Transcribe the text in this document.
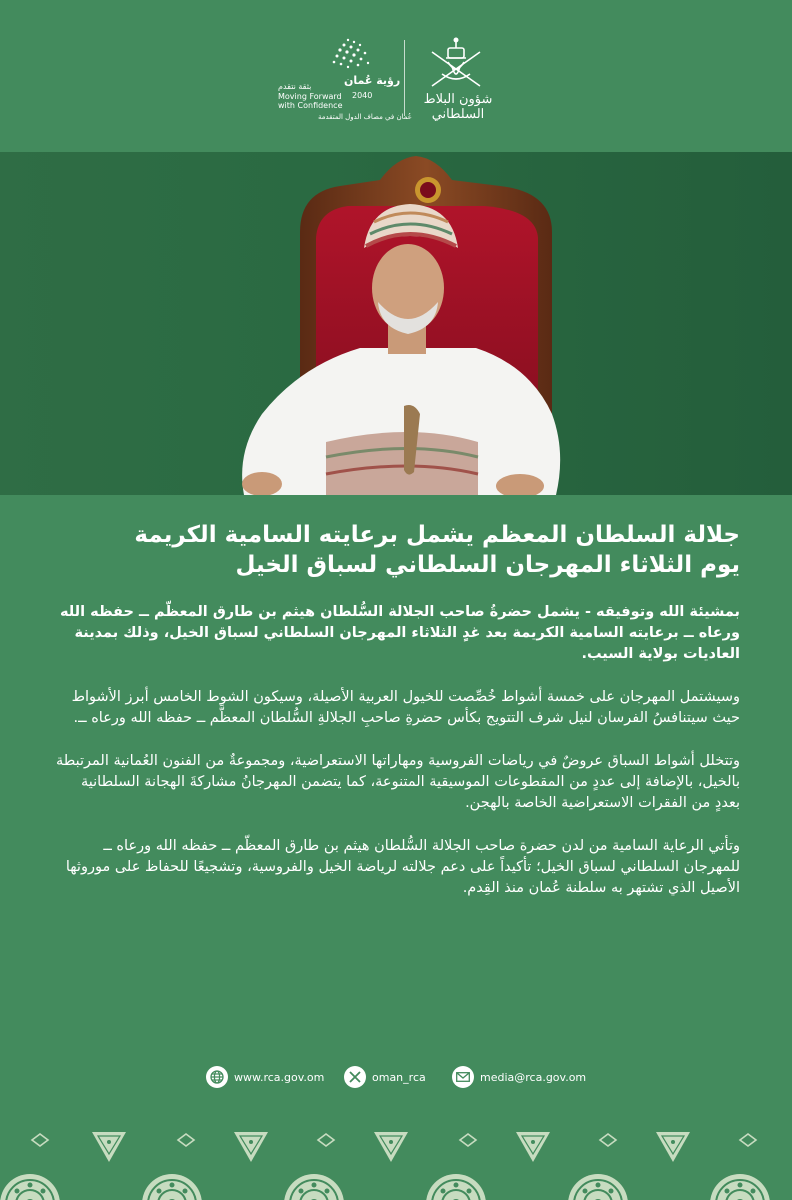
شؤون البلاط السلطاني
رؤية عُمان
2040
بثقة نتقدم
Moving Forward
with Confidence
عُمان في مصاف الدول المتقدمة
جلالة السلطان المعظم يشمل برعايته السامية الكريمة
يوم الثلاثاء المهرجان السلطاني لسباق الخيل

بمشيئة الله وتوفيقه - يشمل حضرةُ صاحب الجلالة السُّلطان هيثم بن طارق المعظّم ــ حفظه الله ورعاه ــ برعايته السامية الكريمة بعد غدٍ الثلاثاء المهرجان السلطاني لسباق الخيل، وذلك بمدينة العاديات بولاية السيب.

وسيشتمل المهرجان على خمسة أشواط خُصِّصت للخيول العربية الأصيلة، وسيكون الشوط الخامس أبرز الأشواط حيث سيتنافسُ الفرسان لنيل شرف التتويج بكأس حضرةِ صاحبِ الجلالةِ السُّلطان المعظَّم ــ حفظه الله ورعاه ــ.

وتتخلل أشواط السباق عروضٌ في رياضات الفروسية ومهاراتها الاستعراضية، ومجموعةٌ من الفنون العُمانية المرتبطة بالخيل، بالإضافة إلى عددٍ من المقطوعات الموسيقية المتنوعة، كما يتضمن المهرجانُ مشاركةَ الهجانة السلطانية بعددٍ من الفقرات الاستعراضية الخاصة بالهجن.

وتأتي الرعاية السامية من لدن حضرة صاحب الجلالة السُّلطان هيثم بن طارق المعظّم ــ حفظه الله ورعاه ــ للمهرجان السلطاني لسباق الخيل؛ تأكيداً على دعم جلالته لرياضة الخيل والفروسية، وتشجيعًا للحفاظ على موروثها الأصيل الذي تشتهر به سلطنة عُمان منذ القِدم.

www.rca.gov.om	oman_rca	media@rca.gov.om
